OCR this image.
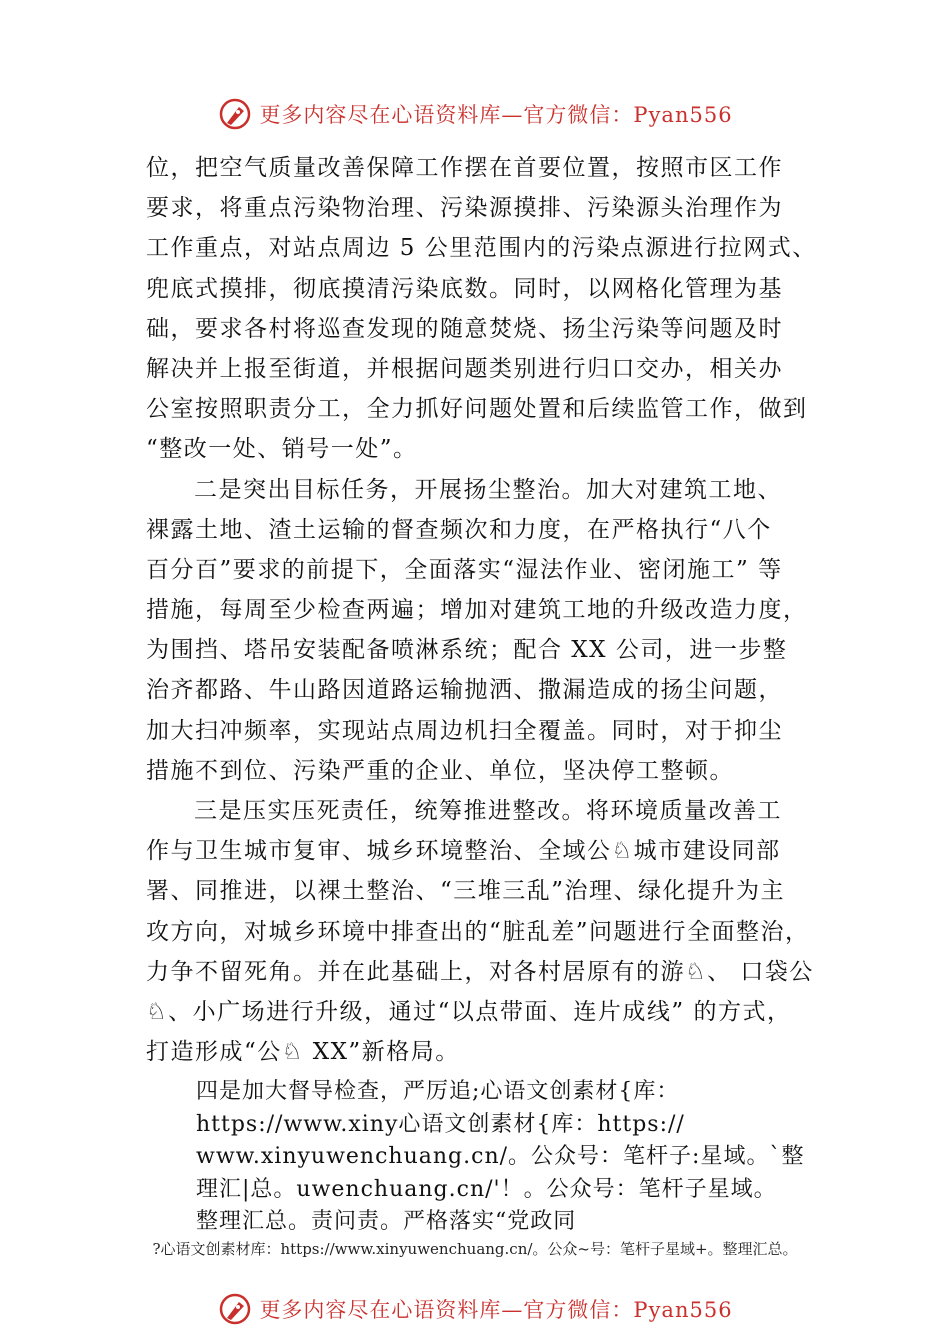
更多内容尽在心语资料库—官方微信：Pyan556
位，把空气质量改善保障工作摆在首要位置，按照市区工作
要求，将重点污染物治理、污染源摸排、污染源头治理作为
工作重点，对站点周边 5 公里范围内的污染点源进行拉网式、
兜底式摸排，彻底摸清污染底数。同时，以网格化管理为基
础，要求各村将巡查发现的随意焚烧、扬尘污染等问题及时
解决并上报至街道，并根据问题类别进行归口交办，相关办
公室按照职责分工，全力抓好问题处置和后续监管工作，做到
“整改一处、销号一处”。
二是突出目标任务，开展扬尘整治。加大对建筑工地、
裸露土地、渣土运输的督查频次和力度，在严格执行“八个
百分百”要求的前提下，全面落实“湿法作业、密闭施工” 等
措施，每周至少检查两遍；增加对建筑工地的升级改造力度，
为围挡、塔吊安装配备喷淋系统；配合 XX 公司，进一步整
治齐都路、牛山路因道路运输抛洒、撒漏造成的扬尘问题，
加大扫冲频率，实现站点周边机扫全覆盖。同时，对于抑尘
措施不到位、污染严重的企业、单位，坚决停工整顿。
三是压实压死责任，统筹推进整改。将环境质量改善工
作与卫生城市复审、城乡环境整治、全域公♘城市建设同部
署、同推进，以裸土整治、“三堆三乱”治理、绿化提升为主
攻方向，对城乡环境中排查出的“脏乱差”问题进行全面整治，
力争不留死角。并在此基础上，对各村居原有的游♘、 口袋公
♘、小广场进行升级，通过“以点带面、连片成线” 的方式，
打造形成“公♘ XX”新格局。
四是加大督导检查，严厉追;心语文创素材{库：
https://www.xiny心语文创素材{库：https://
www.xinyuwenchuang.cn/。公众号：笔杆子:星域。`整
理汇|总。uwenchuang.cn/'！。公众号：笔杆子星域。
整理汇总。责问责。严格落实“党政同
?心语文创素材库：https://www.xinyuwenchuang.cn/。公众~号：笔杆子星域+。整理汇总。
更多内容尽在心语资料库—官方微信：Pyan556
